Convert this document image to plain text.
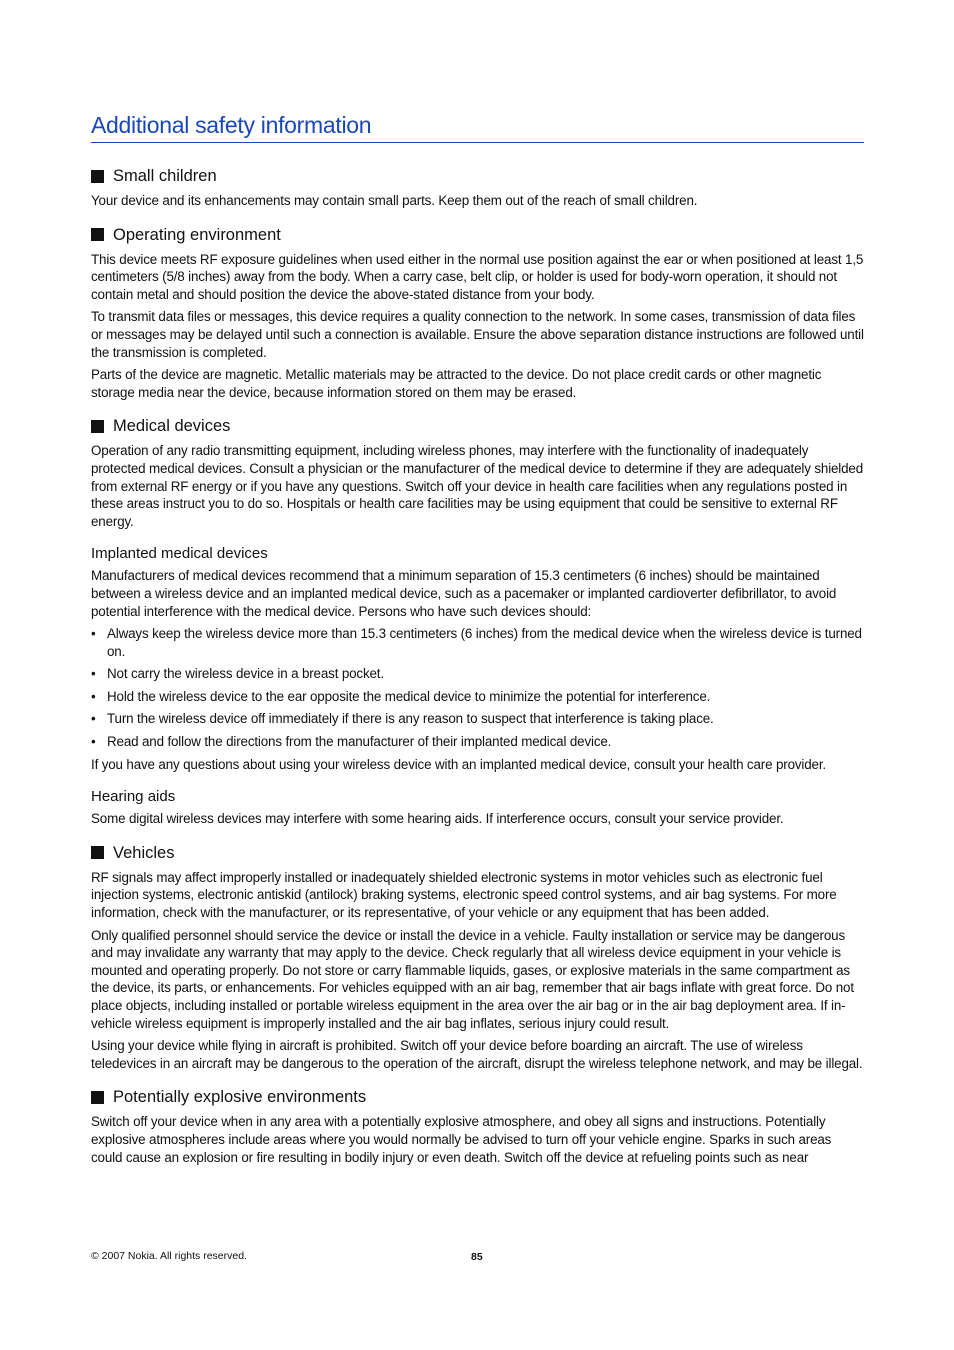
Additional safety information
Small children

Your device and its enhancements may contain small parts. Keep them out of the reach of small children.

Operating environment

This device meets RF exposure guidelines when used either in the normal use position against the ear or when positioned at least 1,5 centimeters (5/8 inches) away from the body. When a carry case, belt clip, or holder is used for body-worn operation, it should not contain metal and should position the device the above-stated distance from your body.

To transmit data files or messages, this device requires a quality connection to the network. In some cases, transmission of data files or messages may be delayed until such a connection is available. Ensure the above separation distance instructions are followed until the transmission is completed.

Parts of the device are magnetic. Metallic materials may be attracted to the device. Do not place credit cards or other magnetic storage media near the device, because information stored on them may be erased.

Medical devices

Operation of any radio transmitting equipment, including wireless phones, may interfere with the functionality of inadequately protected medical devices. Consult a physician or the manufacturer of the medical device to determine if they are adequately shielded from external RF energy or if you have any questions. Switch off your device in health care facilities when any regulations posted in these areas instruct you to do so. Hospitals or health care facilities may be using equipment that could be sensitive to external RF energy.

Implanted medical devices

Manufacturers of medical devices recommend that a minimum separation of 15.3 centimeters (6 inches) should be maintained between a wireless device and an implanted medical device, such as a pacemaker or implanted cardioverter defibrillator, to avoid potential interference with the medical device. Persons who have such devices should:

• Always keep the wireless device more than 15.3 centimeters (6 inches) from the medical device when the wireless device is turned on.
• Not carry the wireless device in a breast pocket.
• Hold the wireless device to the ear opposite the medical device to minimize the potential for interference.
• Turn the wireless device off immediately if there is any reason to suspect that interference is taking place.
• Read and follow the directions from the manufacturer of their implanted medical device.

If you have any questions about using your wireless device with an implanted medical device, consult your health care provider.

Hearing aids

Some digital wireless devices may interfere with some hearing aids. If interference occurs, consult your service provider.

Vehicles

RF signals may affect improperly installed or inadequately shielded electronic systems in motor vehicles such as electronic fuel injection systems, electronic antiskid (antilock) braking systems, electronic speed control systems, and air bag systems. For more information, check with the manufacturer, or its representative, of your vehicle or any equipment that has been added.

Only qualified personnel should service the device or install the device in a vehicle. Faulty installation or service may be dangerous and may invalidate any warranty that may apply to the device. Check regularly that all wireless device equipment in your vehicle is mounted and operating properly. Do not store or carry flammable liquids, gases, or explosive materials in the same compartment as the device, its parts, or enhancements. For vehicles equipped with an air bag, remember that air bags inflate with great force. Do not place objects, including installed or portable wireless equipment in the area over the air bag or in the air bag deployment area. If in-vehicle wireless equipment is improperly installed and the air bag inflates, serious injury could result.

Using your device while flying in aircraft is prohibited. Switch off your device before boarding an aircraft. The use of wireless teledevices in an aircraft may be dangerous to the operation of the aircraft, disrupt the wireless telephone network, and may be illegal.

Potentially explosive environments

Switch off your device when in any area with a potentially explosive atmosphere, and obey all signs and instructions. Potentially explosive atmospheres include areas where you would normally be advised to turn off your vehicle engine. Sparks in such areas could cause an explosion or fire resulting in bodily injury or even death. Switch off the device at refueling points such as near

© 2007 Nokia. All rights reserved.	85
